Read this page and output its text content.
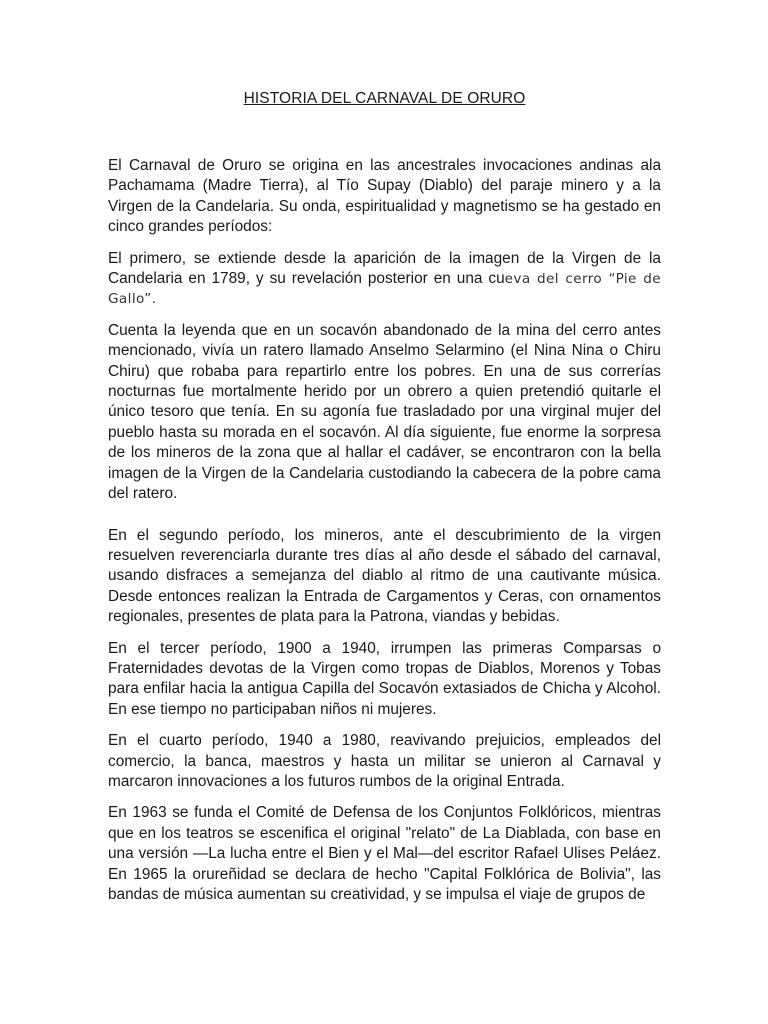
HISTORIA DEL CARNAVAL DE ORURO

El Carnaval de Oruro se origina en las ancestrales invocaciones andinas ala Pachamama (Madre Tierra), al Tío Supay (Diablo) del paraje minero y a la Virgen de la Candelaria. Su onda, espiritualidad y magnetismo se ha gestado en cinco grandes períodos:

El primero, se extiende desde la aparición de la imagen de la Virgen de la Candelaria en 1789, y su revelación posterior en una cueva del cerro “Pie de Gallo”.

Cuenta la leyenda que en un socavón abandonado de la mina del cerro antes mencionado, vivía un ratero llamado Anselmo Selarmino (el Nina Nina o Chiru Chiru) que robaba para repartirlo entre los pobres. En una de sus correrías nocturnas fue mortalmente herido por un obrero a quien pretendió quitarle el único tesoro que tenía. En su agonía fue trasladado por una virginal mujer del pueblo hasta su morada en el socavón. Al día siguiente, fue enorme la sorpresa de los mineros de la zona que al hallar el cadáver, se encontraron con la bella imagen de la Virgen de la Candelaria custodiando la cabecera de la pobre cama del ratero.

En el segundo período, los mineros, ante el descubrimiento de la virgen resuelven reverenciarla durante tres días al año desde el sábado del carnaval, usando disfraces a semejanza del diablo al ritmo de una cautivante música. Desde entonces realizan la Entrada de Cargamentos y Ceras, con ornamentos regionales, presentes de plata para la Patrona, viandas y bebidas.

En el tercer período, 1900 a 1940, irrumpen las primeras Comparsas o Fraternidades devotas de la Virgen como tropas de Diablos, Morenos y Tobas para enfilar hacia la antigua Capilla del Socavón extasiados de Chicha y Alcohol. En ese tiempo no participaban niños ni mujeres.

En el cuarto período, 1940 a 1980, reavivando prejuicios, empleados del comercio, la banca, maestros y hasta un militar se unieron al Carnaval y marcaron innovaciones a los futuros rumbos de la original Entrada.

En 1963 se funda el Comité de Defensa de los Conjuntos Folklóricos, mientras que en los teatros se escenifica el original "relato" de La Diablada, con base en una versión —La lucha entre el Bien y el Mal—del escritor Rafael Ulises Peláez. En 1965 la orureñidad se declara de hecho "Capital Folklórica de Bolivia", las bandas de música aumentan su creatividad, y se impulsa el viaje de grupos de
